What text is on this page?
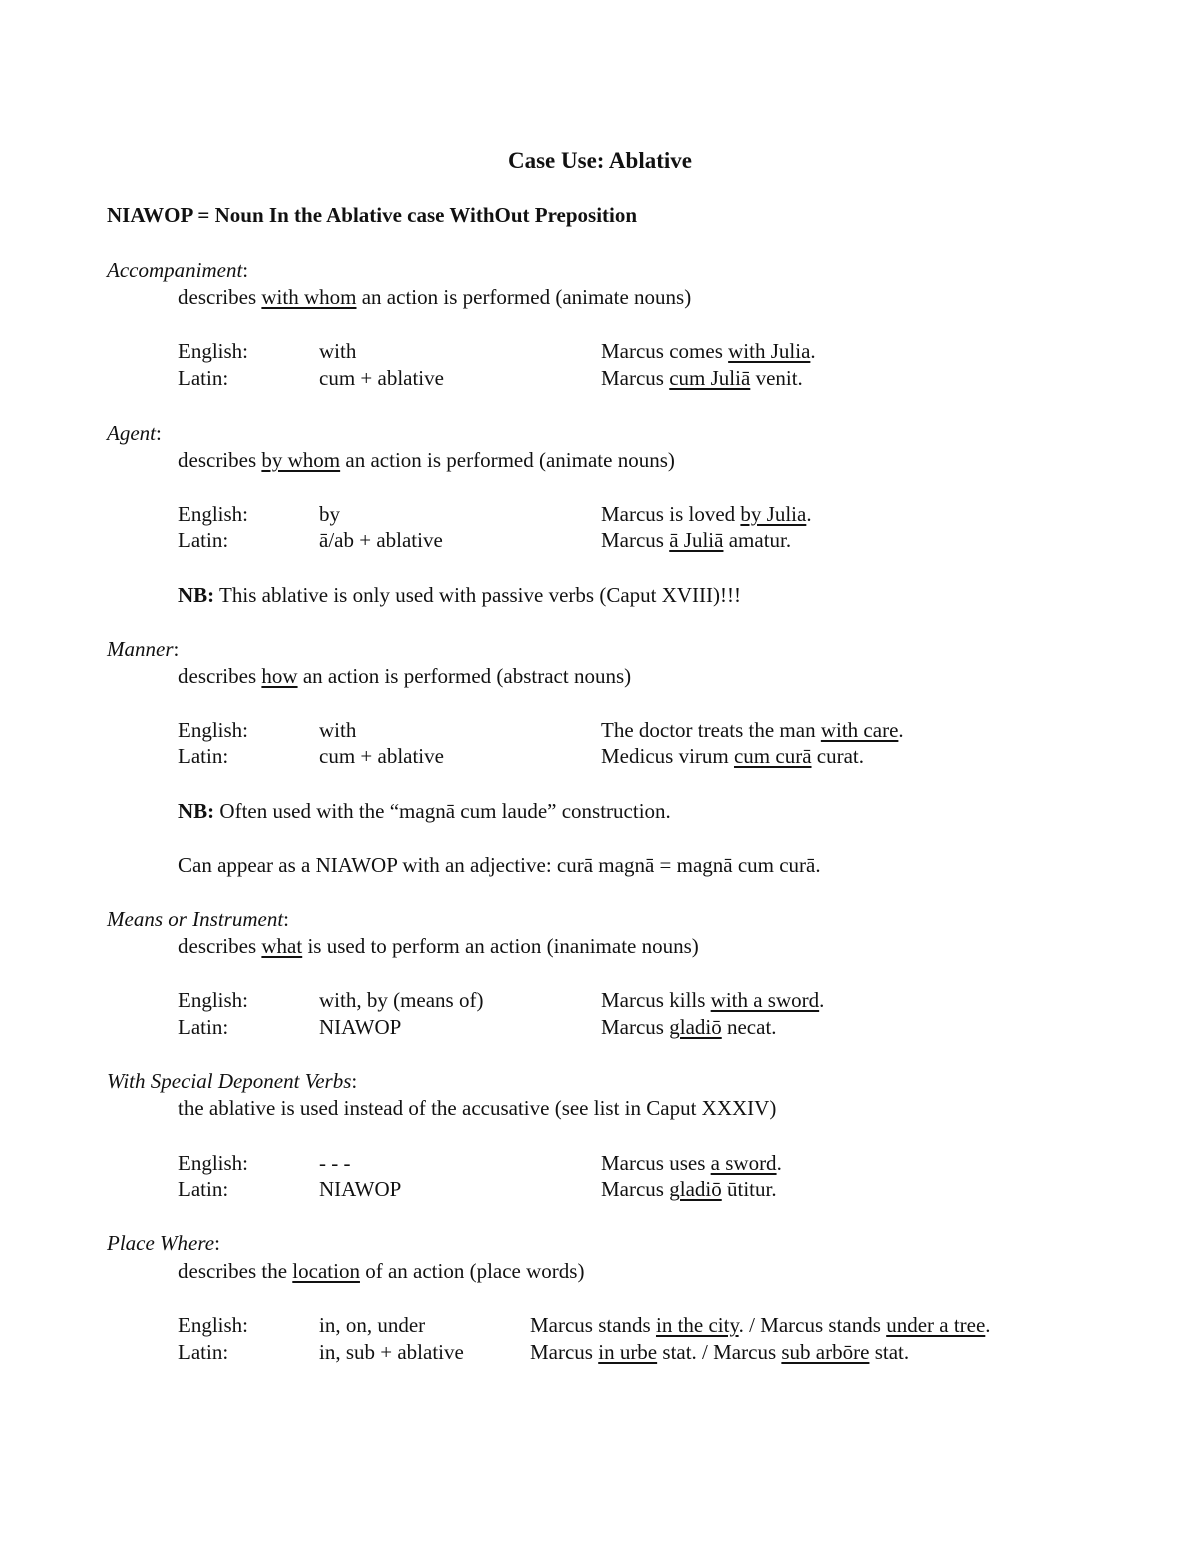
Case Use: Ablative
NIAWOP = Noun In the Ablative case WithOut Preposition
Accompaniment:
describes with whom an action is performed (animate nouns)
English:	with	Marcus comes with Julia.
Latin:	cum + ablative	Marcus cum Juliā venit.
Agent:
describes by whom an action is performed (animate nouns)
English:	by	Marcus is loved by Julia.
Latin:	ā/ab + ablative	Marcus ā Juliā amatur.
NB: This ablative is only used with passive verbs (Caput XVIII)!!!
Manner:
describes how an action is performed (abstract nouns)
English:	with	The doctor treats the man with care.
Latin:	cum + ablative	Medicus virum cum curā curat.
NB: Often used with the “magnā cum laude” construction.
Can appear as a NIAWOP with an adjective: curā magnā = magnā cum curā.
Means or Instrument:
describes what is used to perform an action (inanimate nouns)
English:	with, by (means of)	Marcus kills with a sword.
Latin:	NIAWOP	Marcus gladiō necat.
With Special Deponent Verbs:
the ablative is used instead of the accusative (see list in Caput XXXIV)
English:	- - -	Marcus uses a sword.
Latin:	NIAWOP	Marcus gladiō ūtitur.
Place Where:
describes the location of an action (place words)
English:	in, on, under	Marcus stands in the city. / Marcus stands under a tree.
Latin:	in, sub + ablative	Marcus in urbe stat. / Marcus sub arbōre stat.
